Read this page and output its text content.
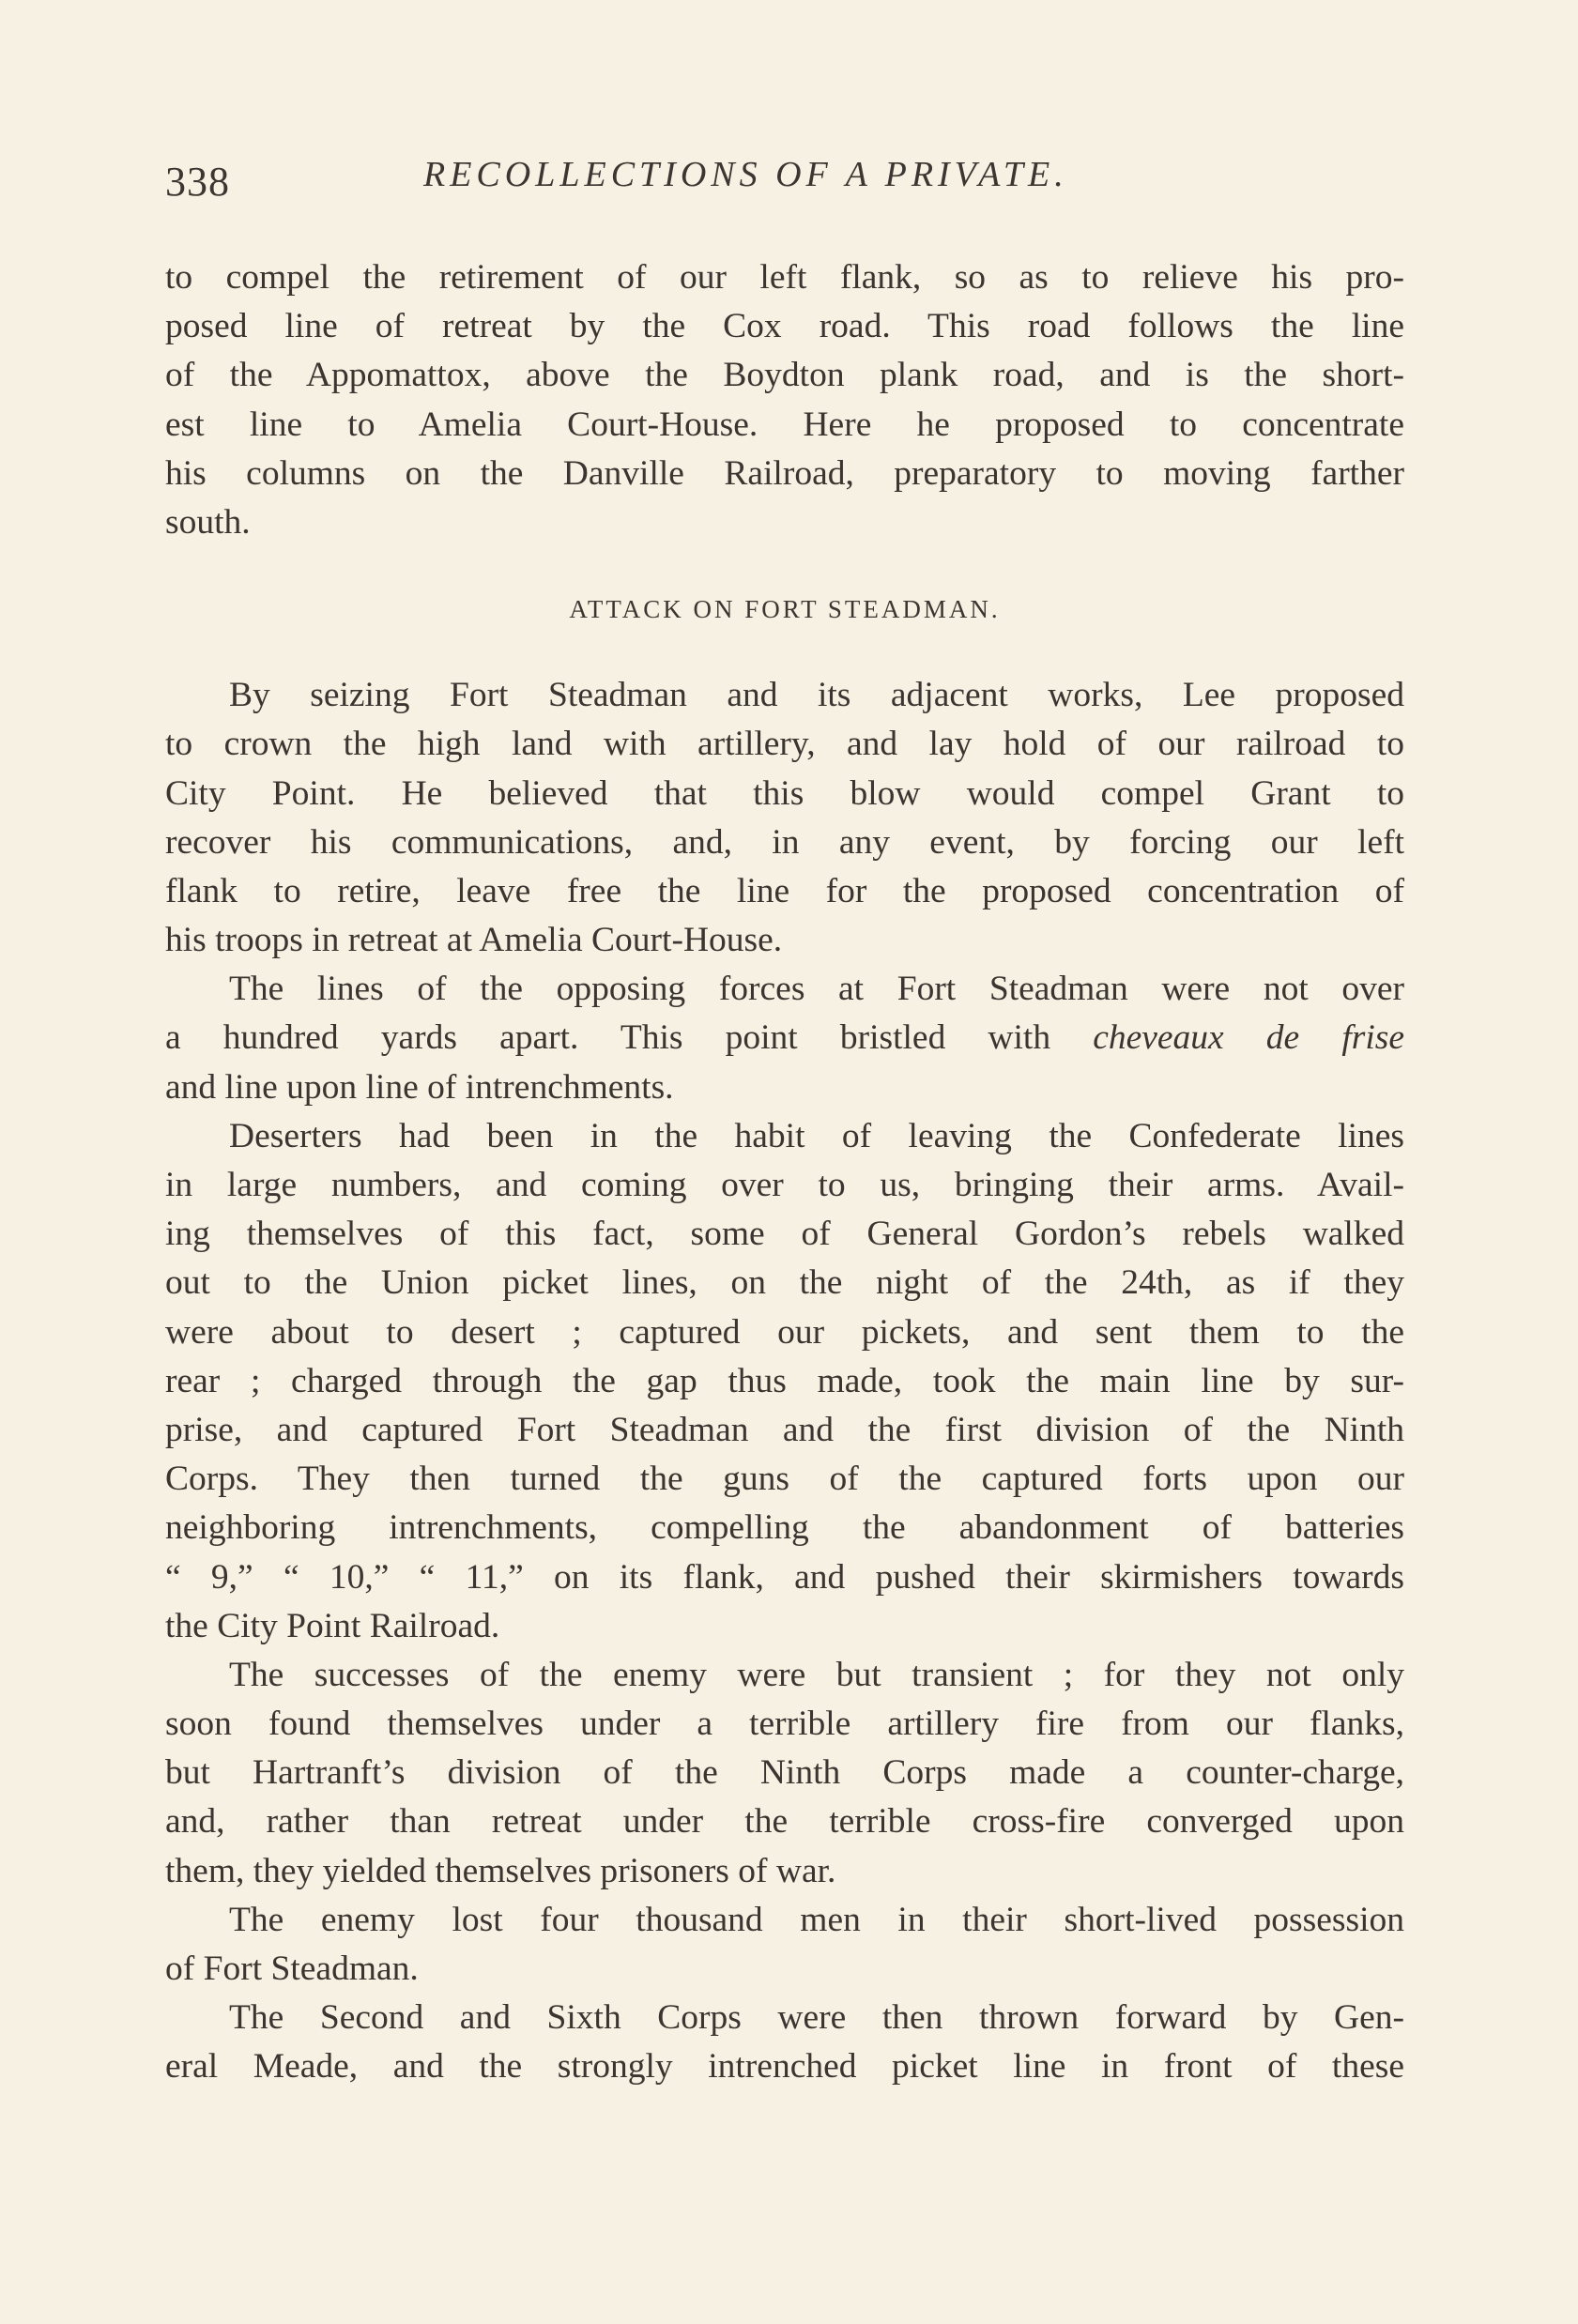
338	RECOLLECTIONS OF A PRIVATE.
to compel the retirement of our left flank, so as to relieve his pro-
posed line of retreat by the Cox road. This road follows the line
of the Appomattox, above the Boydton plank road, and is the short-
est line to Amelia Court-House. Here he proposed to concentrate
his columns on the Danville Railroad, preparatory to moving farther
south.
ATTACK ON FORT STEADMAN.
By seizing Fort Steadman and its adjacent works, Lee proposed
to crown the high land with artillery, and lay hold of our railroad to
City Point. He believed that this blow would compel Grant to
recover his communications, and, in any event, by forcing our left
flank to retire, leave free the line for the proposed concentration of
his troops in retreat at Amelia Court-House.
The lines of the opposing forces at Fort Steadman were not over
a hundred yards apart. This point bristled with cheveaux de frise
and line upon line of intrenchments.
Deserters had been in the habit of leaving the Confederate lines
in large numbers, and coming over to us, bringing their arms. Avail-
ing themselves of this fact, some of General Gordon’s rebels walked
out to the Union picket lines, on the night of the 24th, as if they
were about to desert ; captured our pickets, and sent them to the
rear ; charged through the gap thus made, took the main line by sur-
prise, and captured Fort Steadman and the first division of the Ninth
Corps. They then turned the guns of the captured forts upon our
neighboring intrenchments, compelling the abandonment of batteries
“ 9,” “ 10,” “ 11,” on its flank, and pushed their skirmishers towards
the City Point Railroad.
The successes of the enemy were but transient ; for they not only
soon found themselves under a terrible artillery fire from our flanks,
but Hartranft’s division of the Ninth Corps made a counter-charge,
and, rather than retreat under the terrible cross-fire converged upon
them, they yielded themselves prisoners of war.
The enemy lost four thousand men in their short-lived possession
of Fort Steadman.
The Second and Sixth Corps were then thrown forward by Gen-
eral Meade, and the strongly intrenched picket line in front of these
